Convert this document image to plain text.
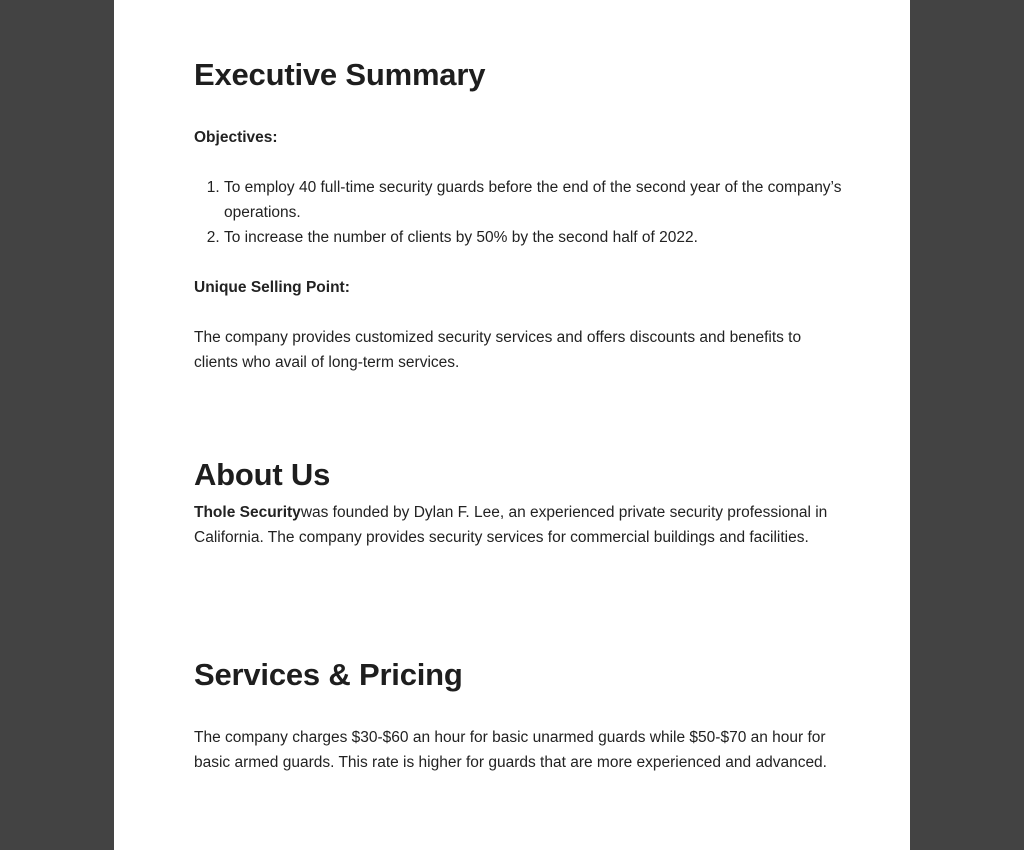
Executive Summary
Objectives:
1. To employ 40 full-time security guards before the end of the second year of the company’s operations.
2. To increase the number of clients by 50% by the second half of 2022.
Unique Selling Point:

The company provides customized security services and offers discounts and benefits to clients who avail of long-term services.

About Us

Thole Securitywas founded by Dylan F. Lee, an experienced private security professional in California. The company provides security services for commercial buildings and facilities.

Services & Pricing

The company charges $30-$60 an hour for basic unarmed guards while $50-$70 an hour for basic armed guards. This rate is higher for guards that are more experienced and advanced.
